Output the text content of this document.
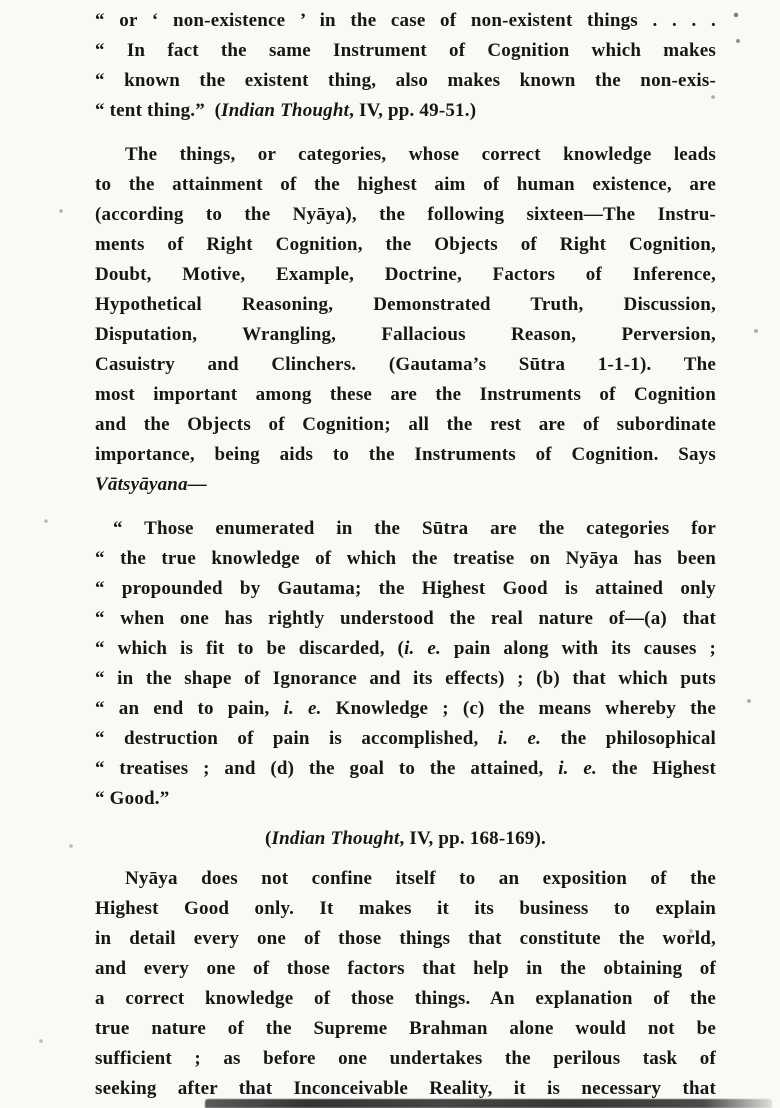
“ or ‘ non-existence ’ in the case of non-existent things . . . .
“ In fact the same Instrument of Cognition which makes
“ known the existent thing, also makes known the non-exis-
“ tent thing.” (Indian Thought, IV, pp. 49-51.)
The things, or categories, whose correct knowledge leads
to the attainment of the highest aim of human existence, are
(according to the Nyāya), the following sixteen—The Instru-
ments of Right Cognition, the Objects of Right Cognition,
Doubt, Motive, Example, Doctrine, Factors of Inference,
Hypothetical Reasoning, Demonstrated Truth, Discussion,
Disputation, Wrangling, Fallacious Reason, Perversion,
Casuistry and Clinchers. (Gautama’s Sūtra 1-1-1). The
most important among these are the Instruments of Cognition
and the Objects of Cognition; all the rest are of subordinate
importance, being aids to the Instruments of Cognition. Says
Vātsyāyana—
“ Those enumerated in the Sūtra are the categories for
“ the true knowledge of which the treatise on Nyāya has been
“ propounded by Gautama; the Highest Good is attained only
“ when one has rightly understood the real nature of—(a) that
“ which is fit to be discarded, (i. e. pain along with its causes ;
“ in the shape of Ignorance and its effects) ; (b) that which puts
“ an end to pain, i. e. Knowledge ; (c) the means whereby the
“ destruction of pain is accomplished, i. e. the philosophical
“ treatises ; and (d) the goal to the attained, i. e. the Highest
“ Good.”
(Indian Thought, IV, pp. 168-169).
Nyāya does not confine itself to an exposition of the
Highest Good only. It makes it its business to explain
in detail every one of those things that constitute the world,
and every one of those factors that help in the obtaining of
a correct knowledge of those things. An explanation of the
true nature of the Supreme Brahman alone would not be
sufficient ; as before one undertakes the perilous task of
seeking after that Inconceivable Reality, it is necessary that
